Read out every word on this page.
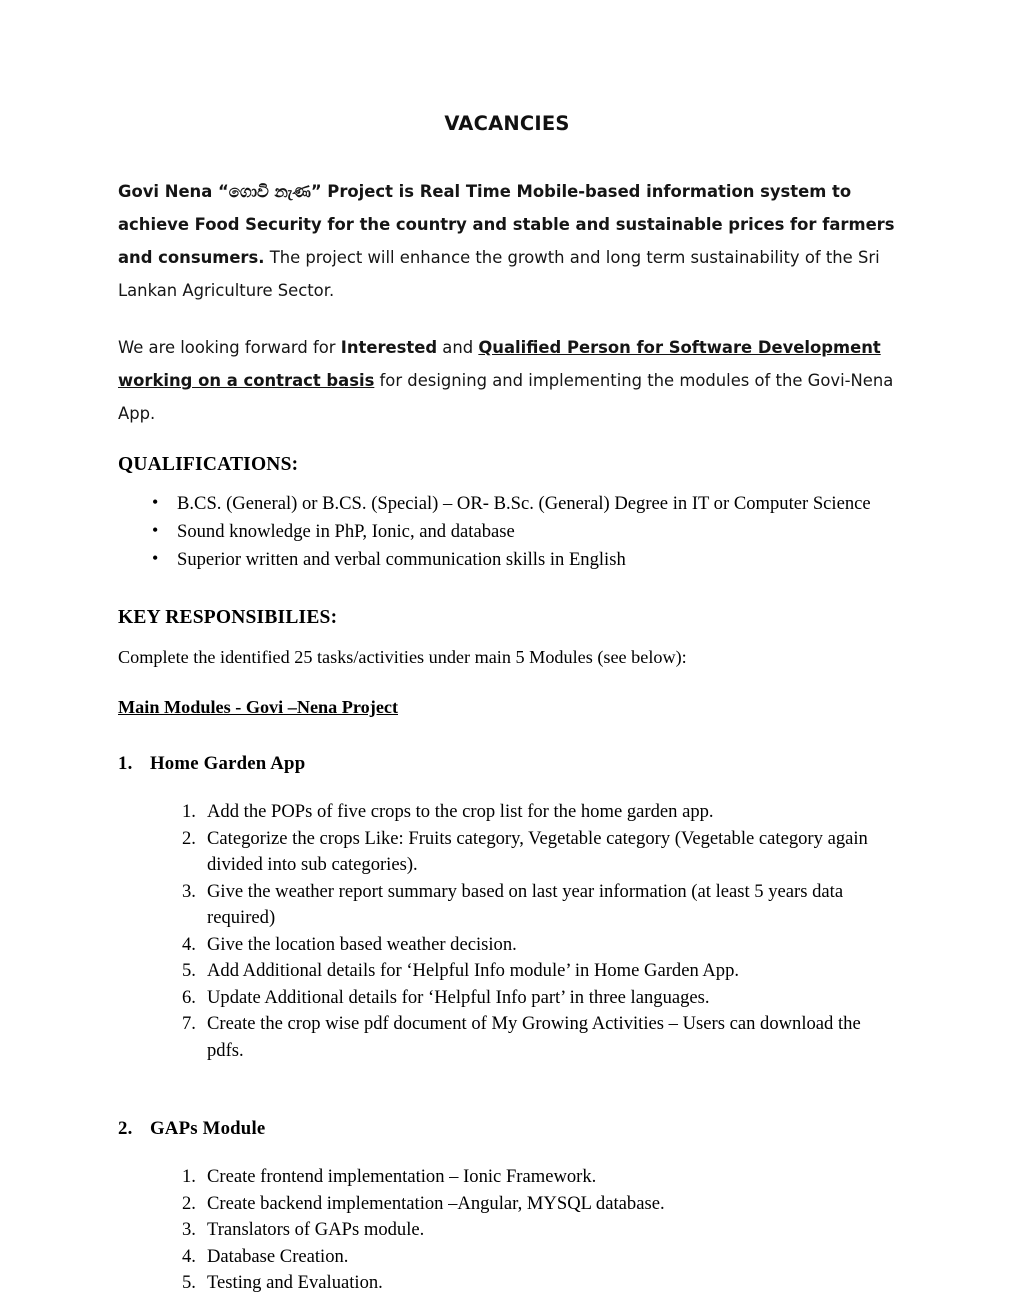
VACANCIES

Govi Nena “ගොවි නැණ” Project is Real Time Mobile-based information system to achieve Food Security for the country and stable and sustainable prices for farmers and consumers. The project will enhance the growth and long term sustainability of the Sri Lankan Agriculture Sector.

We are looking forward for Interested and Qualified Person for Software Development working on a contract basis for designing and implementing the modules of the Govi-Nena App.

QUALIFICATIONS:
• B.CS. (General) or B.CS. (Special) – OR- B.Sc. (General) Degree in IT or Computer Science
• Sound knowledge in PhP, Ionic, and database
• Superior written and verbal communication skills in English
KEY RESPONSIBILIES:

Complete the identified 25 tasks/activities under main 5 Modules (see below):

Main Modules - Govi –Nena Project

1. Home Garden App
1. Add the POPs of five crops to the crop list for the home garden app.
2. Categorize the crops Like: Fruits category, Vegetable category (Vegetable category again divided into sub categories).
3. Give the weather report summary based on last year information (at least 5 years data required)
4. Give the location based weather decision.
5. Add Additional details for ‘Helpful Info module’ in Home Garden App.
6. Update Additional details for ‘Helpful Info part’ in three languages.
7. Create the crop wise pdf document of My Growing Activities – Users can download the pdfs.
2. GAPs Module
1. Create frontend implementation – Ionic Framework.
2. Create backend implementation –Angular, MYSQL database.
3. Translators of GAPs module.
4. Database Creation.
5. Testing and Evaluation.
